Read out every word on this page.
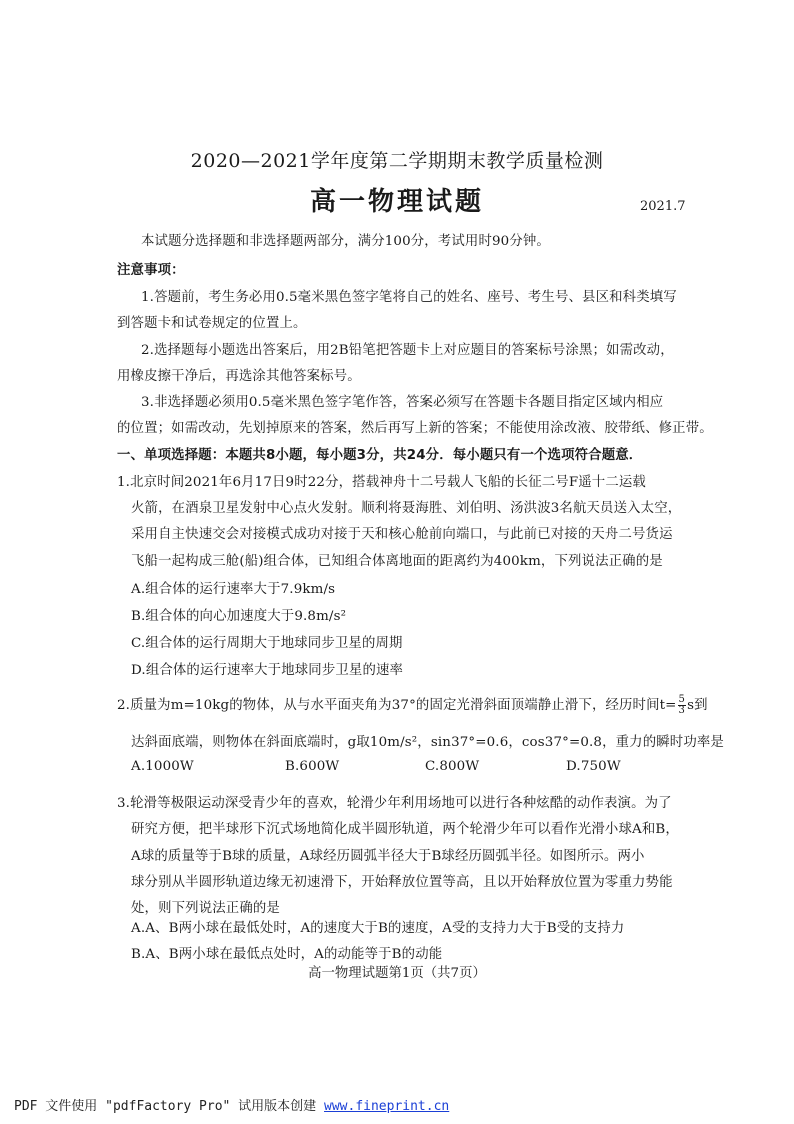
2020—2021学年度第二学期期末教学质量检测
高一物理试题	2021.7
本试题分选择题和非选择题两部分，满分100分，考试用时90分钟。
注意事项：
1.答题前，考生务必用0.5毫米黑色签字笔将自己的姓名、座号、考生号、县区和科类填写
到答题卡和试卷规定的位置上。
2.选择题每小题选出答案后，用2B铅笔把答题卡上对应题目的答案标号涂黑；如需改动，
用橡皮擦干净后，再选涂其他答案标号。
3.非选择题必须用0.5毫米黑色签字笔作答，答案必须写在答题卡各题目指定区域内相应
的位置；如需改动，先划掉原来的答案，然后再写上新的答案；不能使用涂改液、胶带纸、修正带。
一、单项选择题：本题共8小题，每小题3分，共24分．每小题只有一个选项符合题意．
1.北京时间2021年6月17日9时22分，搭载神舟十二号载人飞船的长征二号F遥十二运载
火箭，在酒泉卫星发射中心点火发射。顺利将聂海胜、刘伯明、汤洪波3名航天员送入太空，
采用自主快速交会对接模式成功对接于天和核心舱前向端口，与此前已对接的天舟二号货运
飞船一起构成三舱(船)组合体，已知组合体离地面的距离约为400km，下列说法正确的是
A.组合体的运行速率大于7.9km/s
B.组合体的向心加速度大于9.8m/s²
C.组合体的运行周期大于地球同步卫星的周期
D.组合体的运行速率大于地球同步卫星的速率
2.质量为m=10kg的物体，从与水平面夹角为37°的固定光滑斜面顶端静止滑下，经历时间$t= \frac{5}{3}$ s到
达斜面底端，则物体在斜面底端时，g取10m/s²，sin37°=0.6，cos37°=0.8，重力的瞬时功率是
A.1000W	B.600W	C.800W	D.750W
3.轮滑等极限运动深受青少年的喜欢，轮滑少年利用场地可以进行各种炫酷的动作表演。为了
研究方便，把半球形下沉式场地简化成半圆形轨道，两个轮滑少年可以看作光滑小球A和B，
A球的质量等于B球的质量，A球经历圆弧半径大于B球经历圆弧半径。如图所示。两小
球分别从半圆形轨道边缘无初速滑下，开始释放位置等高，且以开始释放位置为零重力势能
处，则下列说法正确的是
A.A、B两小球在最低处时，A的速度大于B的速度，A受的支持力大于B受的支持力
B.A、B两小球在最低点处时，A的动能等于B的动能
高一物理试题第1页（共7页）
PDF 文件使用 "pdfFactory Pro" 试用版本创建 www.fineprint.cn
